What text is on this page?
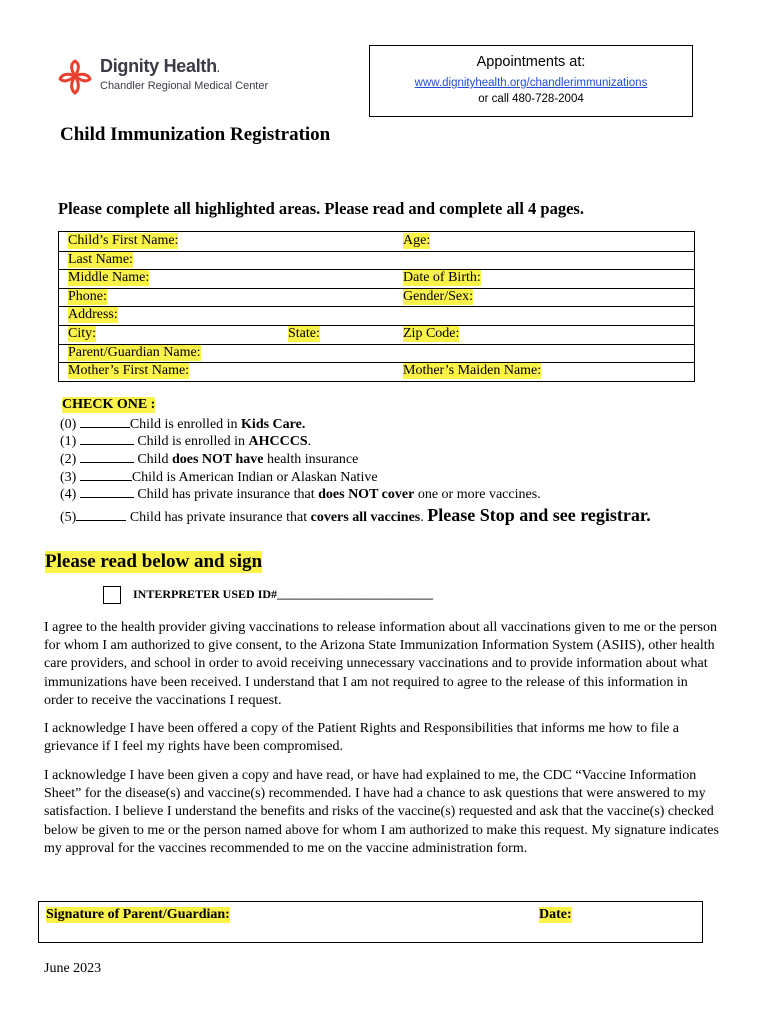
Dignity Health.
Chandler Regional Medical Center
Appointments at:
www.dignityhealth.org/chandlerimmunizations
or call 480-728-2004
Child Immunization Registration
Please complete all highlighted areas. Please read and complete all 4 pages.
Child’s First Name:	Age:
Last Name:
Middle Name:	Date of Birth:
Phone:	Gender/Sex:
Address:
City:	State:	Zip Code:
Parent/Guardian Name:
Mother’s First Name:	Mother’s Maiden Name:
CHECK ONE :
(0)	Child is enrolled in Kids Care.
(1)	Child is enrolled in AHCCCS.
(2)	Child does NOT have health insurance
(3)	Child is American Indian or Alaskan Native
(4)	Child has private insurance that does NOT cover one or more vaccines.
(5)	Child has private insurance that covers all vaccines. Please Stop and see registrar.
Please read below and sign
INTERPRETER USED ID#__________________________
I agree to the health provider giving vaccinations to release information about all vaccinations given to me or the person for whom I am authorized to give consent, to the Arizona State Immunization Information System (ASIIS), other health care providers, and school in order to avoid receiving unnecessary vaccinations and to provide information about what immunizations have been received. I understand that I am not required to agree to the release of this information in order to receive the vaccinations I request.
I acknowledge I have been offered a copy of the Patient Rights and Responsibilities that informs me how to file a grievance if I feel my rights have been compromised.
I acknowledge I have been given a copy and have read, or have had explained to me, the CDC “Vaccine Information Sheet” for the disease(s) and vaccine(s) recommended. I have had a chance to ask questions that were answered to my satisfaction. I believe I understand the benefits and risks of the vaccine(s) requested and ask that the vaccine(s) checked below be given to me or the person named above for whom I am authorized to make this request. My signature indicates my approval for the vaccines recommended to me on the vaccine administration form.
Signature of Parent/Guardian:	Date:
June 2023
